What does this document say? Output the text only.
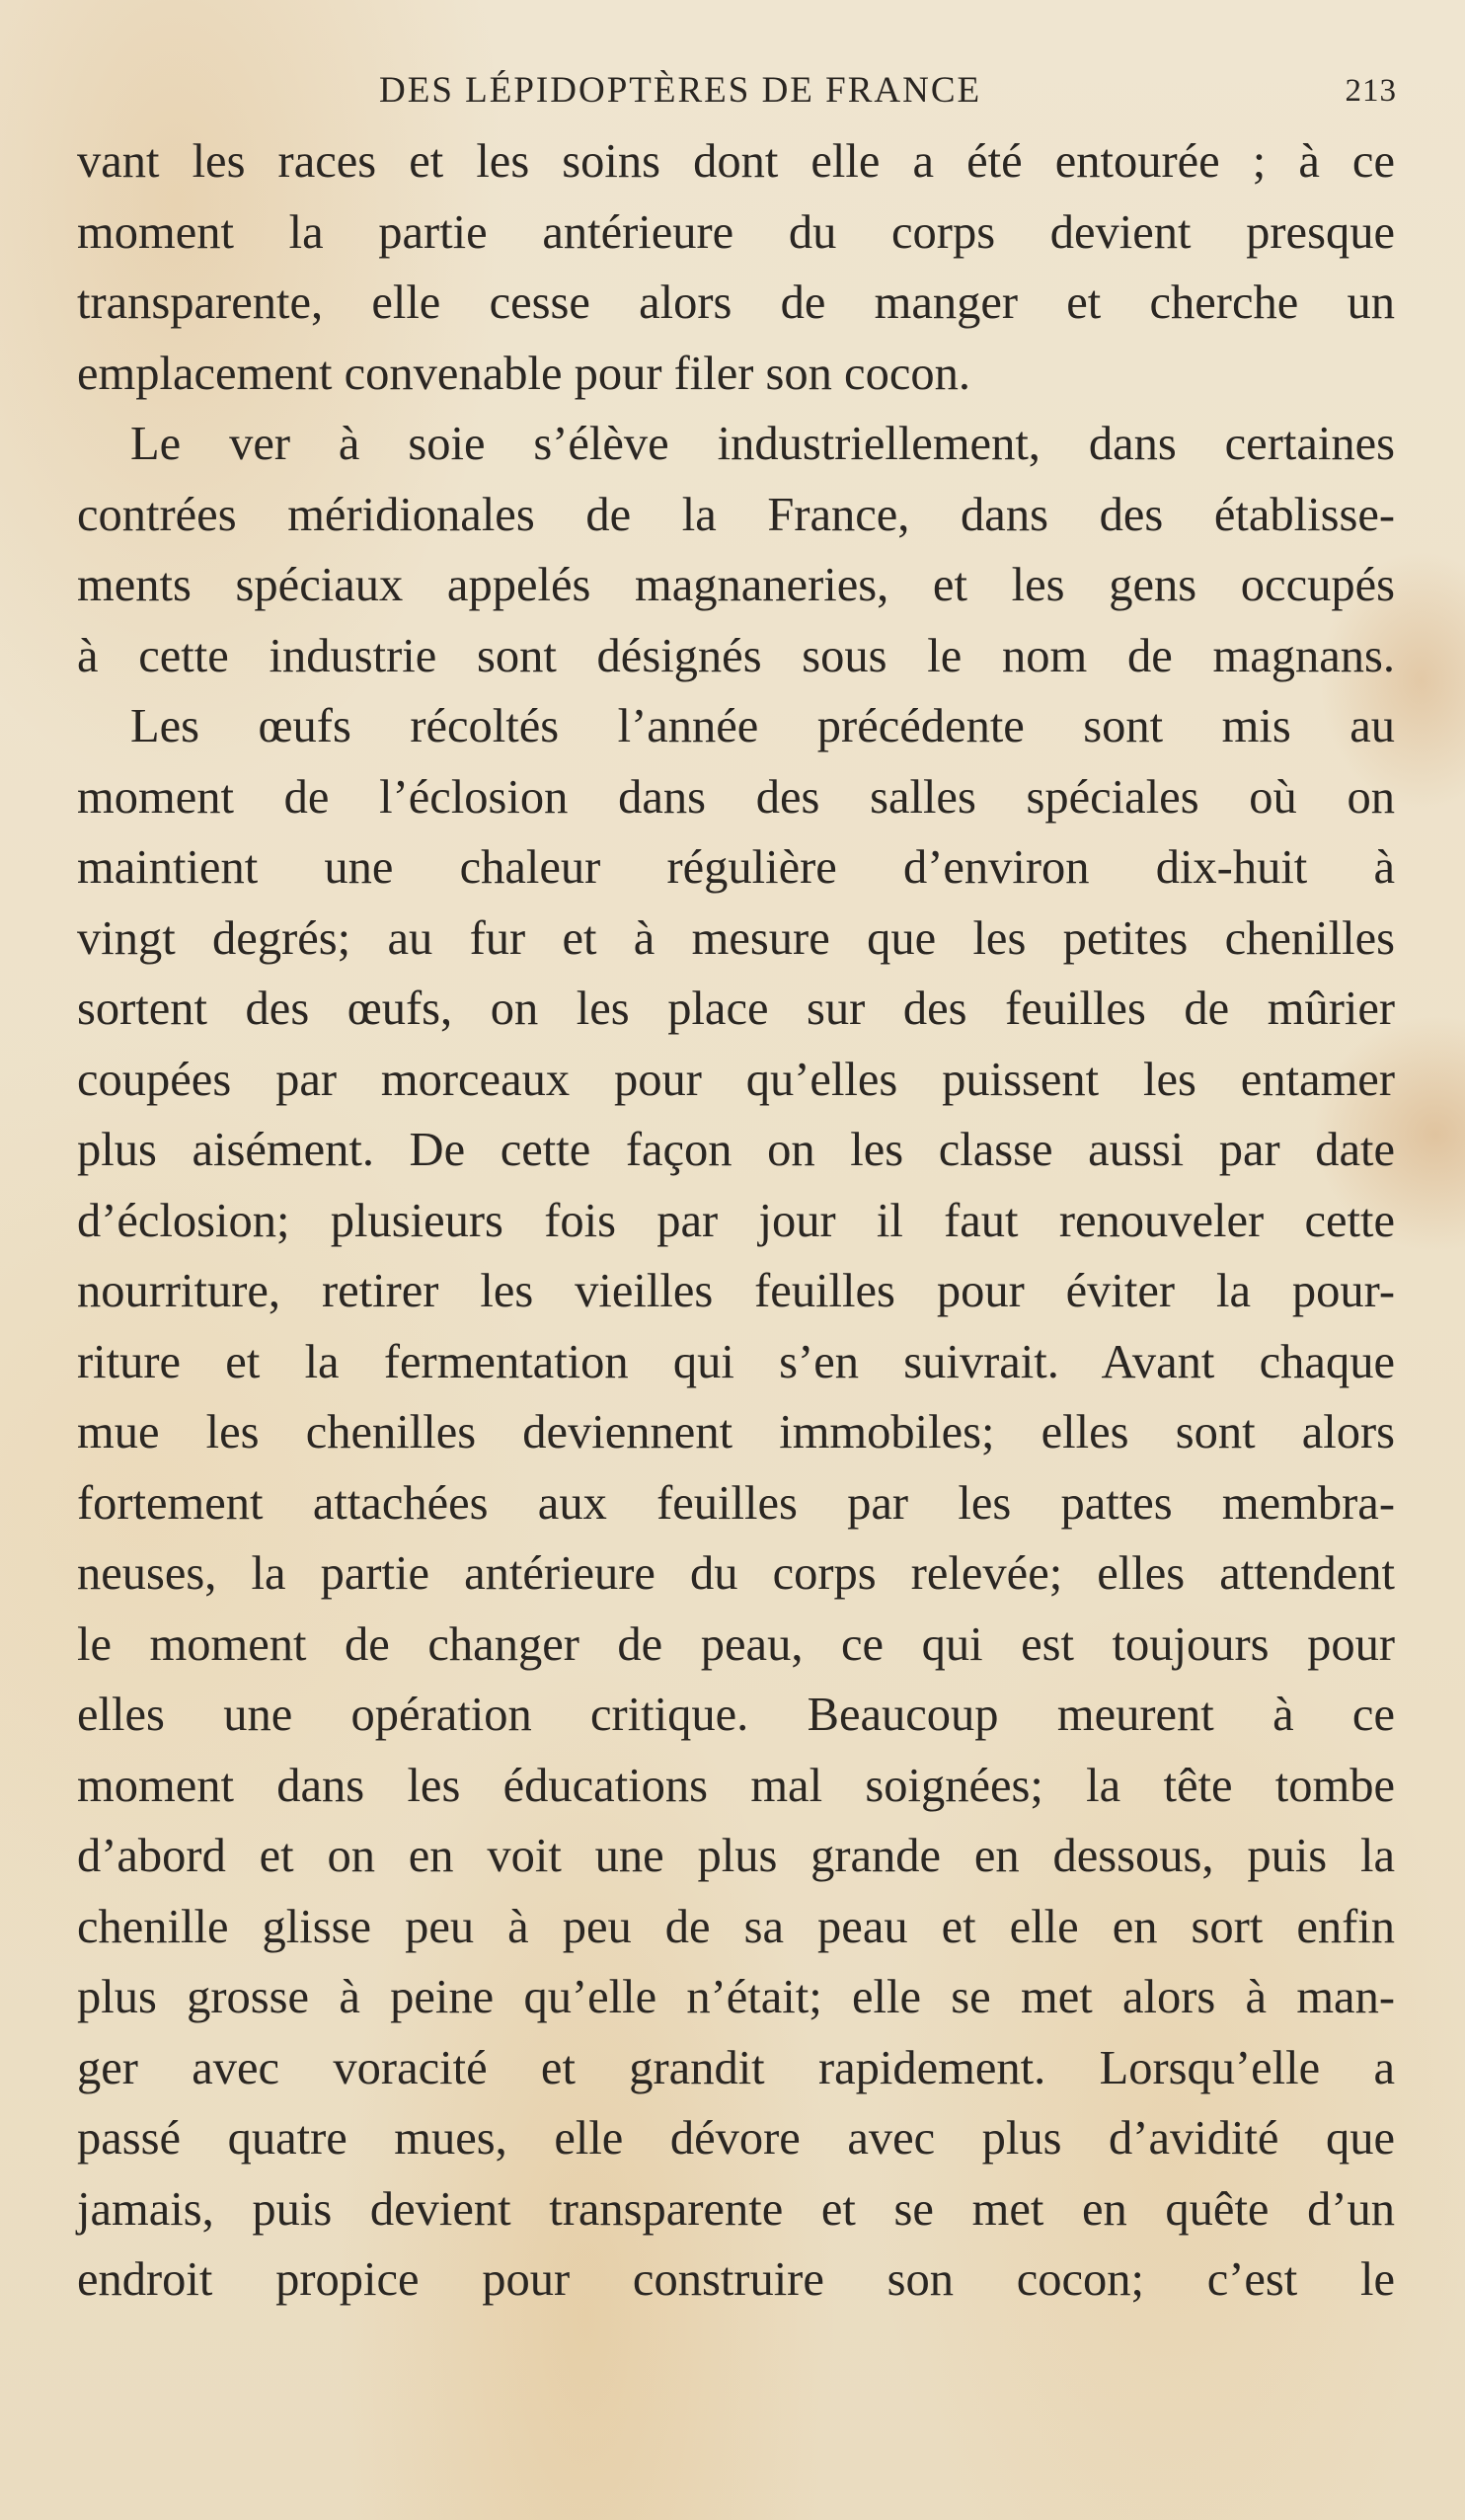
DES LÉPIDOPTÈRES DE FRANCE	213
vant les races et les soins dont elle a été entourée ; à ce
moment la partie antérieure du corps devient presque
transparente, elle cesse alors de manger et cherche un
emplacement convenable pour filer son cocon.
Le ver à soie s’élève industriellement, dans certaines
contrées méridionales de la France, dans des établisse-
ments spéciaux appelés magnaneries, et les gens occupés
à cette industrie sont désignés sous le nom de magnans.
Les œufs récoltés l’année précédente sont mis au
moment de l’éclosion dans des salles spéciales où on
maintient une chaleur régulière d’environ dix-huit à
vingt degrés; au fur et à mesure que les petites chenilles
sortent des œufs, on les place sur des feuilles de mûrier
coupées par morceaux pour qu’elles puissent les entamer
plus aisément. De cette façon on les classe aussi par date
d’éclosion; plusieurs fois par jour il faut renouveler cette
nourriture, retirer les vieilles feuilles pour éviter la pour-
riture et la fermentation qui s’en suivrait. Avant chaque
mue les chenilles deviennent immobiles; elles sont alors
fortement attachées aux feuilles par les pattes membra-
neuses, la partie antérieure du corps relevée; elles attendent
le moment de changer de peau, ce qui est toujours pour
elles une opération critique. Beaucoup meurent à ce
moment dans les éducations mal soignées; la tête tombe
d’abord et on en voit une plus grande en dessous, puis la
chenille glisse peu à peu de sa peau et elle en sort enfin
plus grosse à peine qu’elle n’était; elle se met alors à man-
ger avec voracité et grandit rapidement. Lorsqu’elle a
passé quatre mues, elle dévore avec plus d’avidité que
jamais, puis devient transparente et se met en quête d’un
endroit propice pour construire son cocon; c’est le
